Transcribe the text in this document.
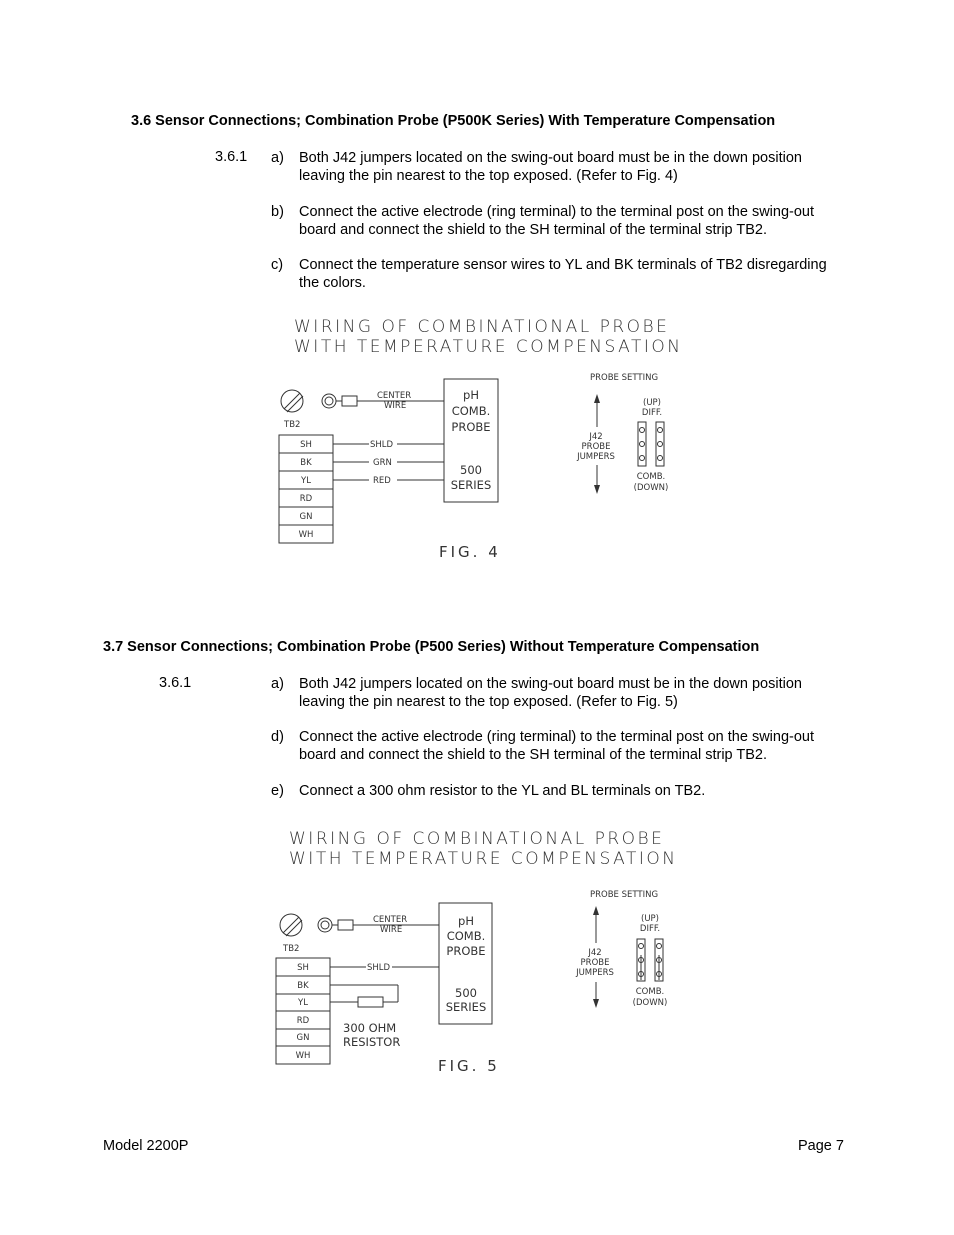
3.6 Sensor Connections; Combination Probe (P500K Series) With Temperature Compensation
3.6.1 a) Both J42 jumpers located on the swing-out board must be in the down position leaving the pin nearest to the top exposed. (Refer to Fig. 4)
b) Connect the active electrode (ring terminal) to the terminal post on the swing-out board and connect the shield to the SH terminal of the terminal strip TB2.
c) Connect the temperature sensor wires to YL and BK terminals of TB2 disregarding the colors.
3.7 Sensor Connections; Combination Probe (P500 Series) Without Temperature Compensation
3.6.1	a) Both J42 jumpers located on the swing-out board must be in the down position leaving the pin nearest to the top exposed. (Refer to Fig. 5)
d) Connect the active electrode (ring terminal) to the terminal post on the swing-out board and connect the shield to the SH terminal of the terminal strip TB2.
e) Connect a 300 ohm resistor to the YL and BL terminals on TB2.
WIRING OF COMBINATIONAL PROBE
WITH TEMPERATURE COMPENSATION
CENTER
WIRE
TB2
SH
BK
YL
RD
GN
WH
SHLD
GRN
RED
pH
COMB.
PROBE
500
SERIES
PROBE SETTING
(UP)
DIFF.
J42
PROBE
JUMPERS
COMB.
(DOWN)
FIG. 4
WIRING OF COMBINATIONAL PROBE
WITH TEMPERATURE COMPENSATION
CENTER
WIRE
TB2
SH
BK
YL
RD
GN
WH
SHLD
300 OHM
RESISTOR
pH
COMB.
PROBE
500
SERIES
PROBE SETTING
(UP)
DIFF.
J42
PROBE
JUMPERS
COMB.
(DOWN)
FIG. 5
Model 2200P	Page 7
